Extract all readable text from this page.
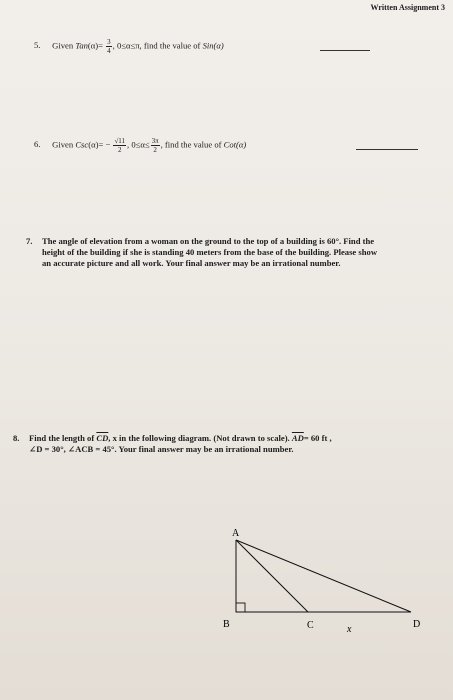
Written Assignment 3
5. Given $Tan(\alpha)= \frac{3}{4}$ , 0≤α≤π, find the value of Sin(α)
6. Given $Csc(\alpha)= - \frac{√11}{2}$ , $0\le\alpha\le \frac{3\pi}{2}$ , find the value of Cot(α)
7. The angle of elevation from a woman on the ground to the top of a building is 60°. Find the
height of the building if she is standing 40 meters from the base of the building. Please show
an accurate picture and all work. Your final answer may be an irrational number.
8. Find the length of $\overline{CD}$, x in the following diagram. (Not drawn to scale). $\overline{AD}= 60$ ft ,
∠D = 30°, ∠ACB = 45°. Your final answer may be an irrational number.
A
B	C	D
x
